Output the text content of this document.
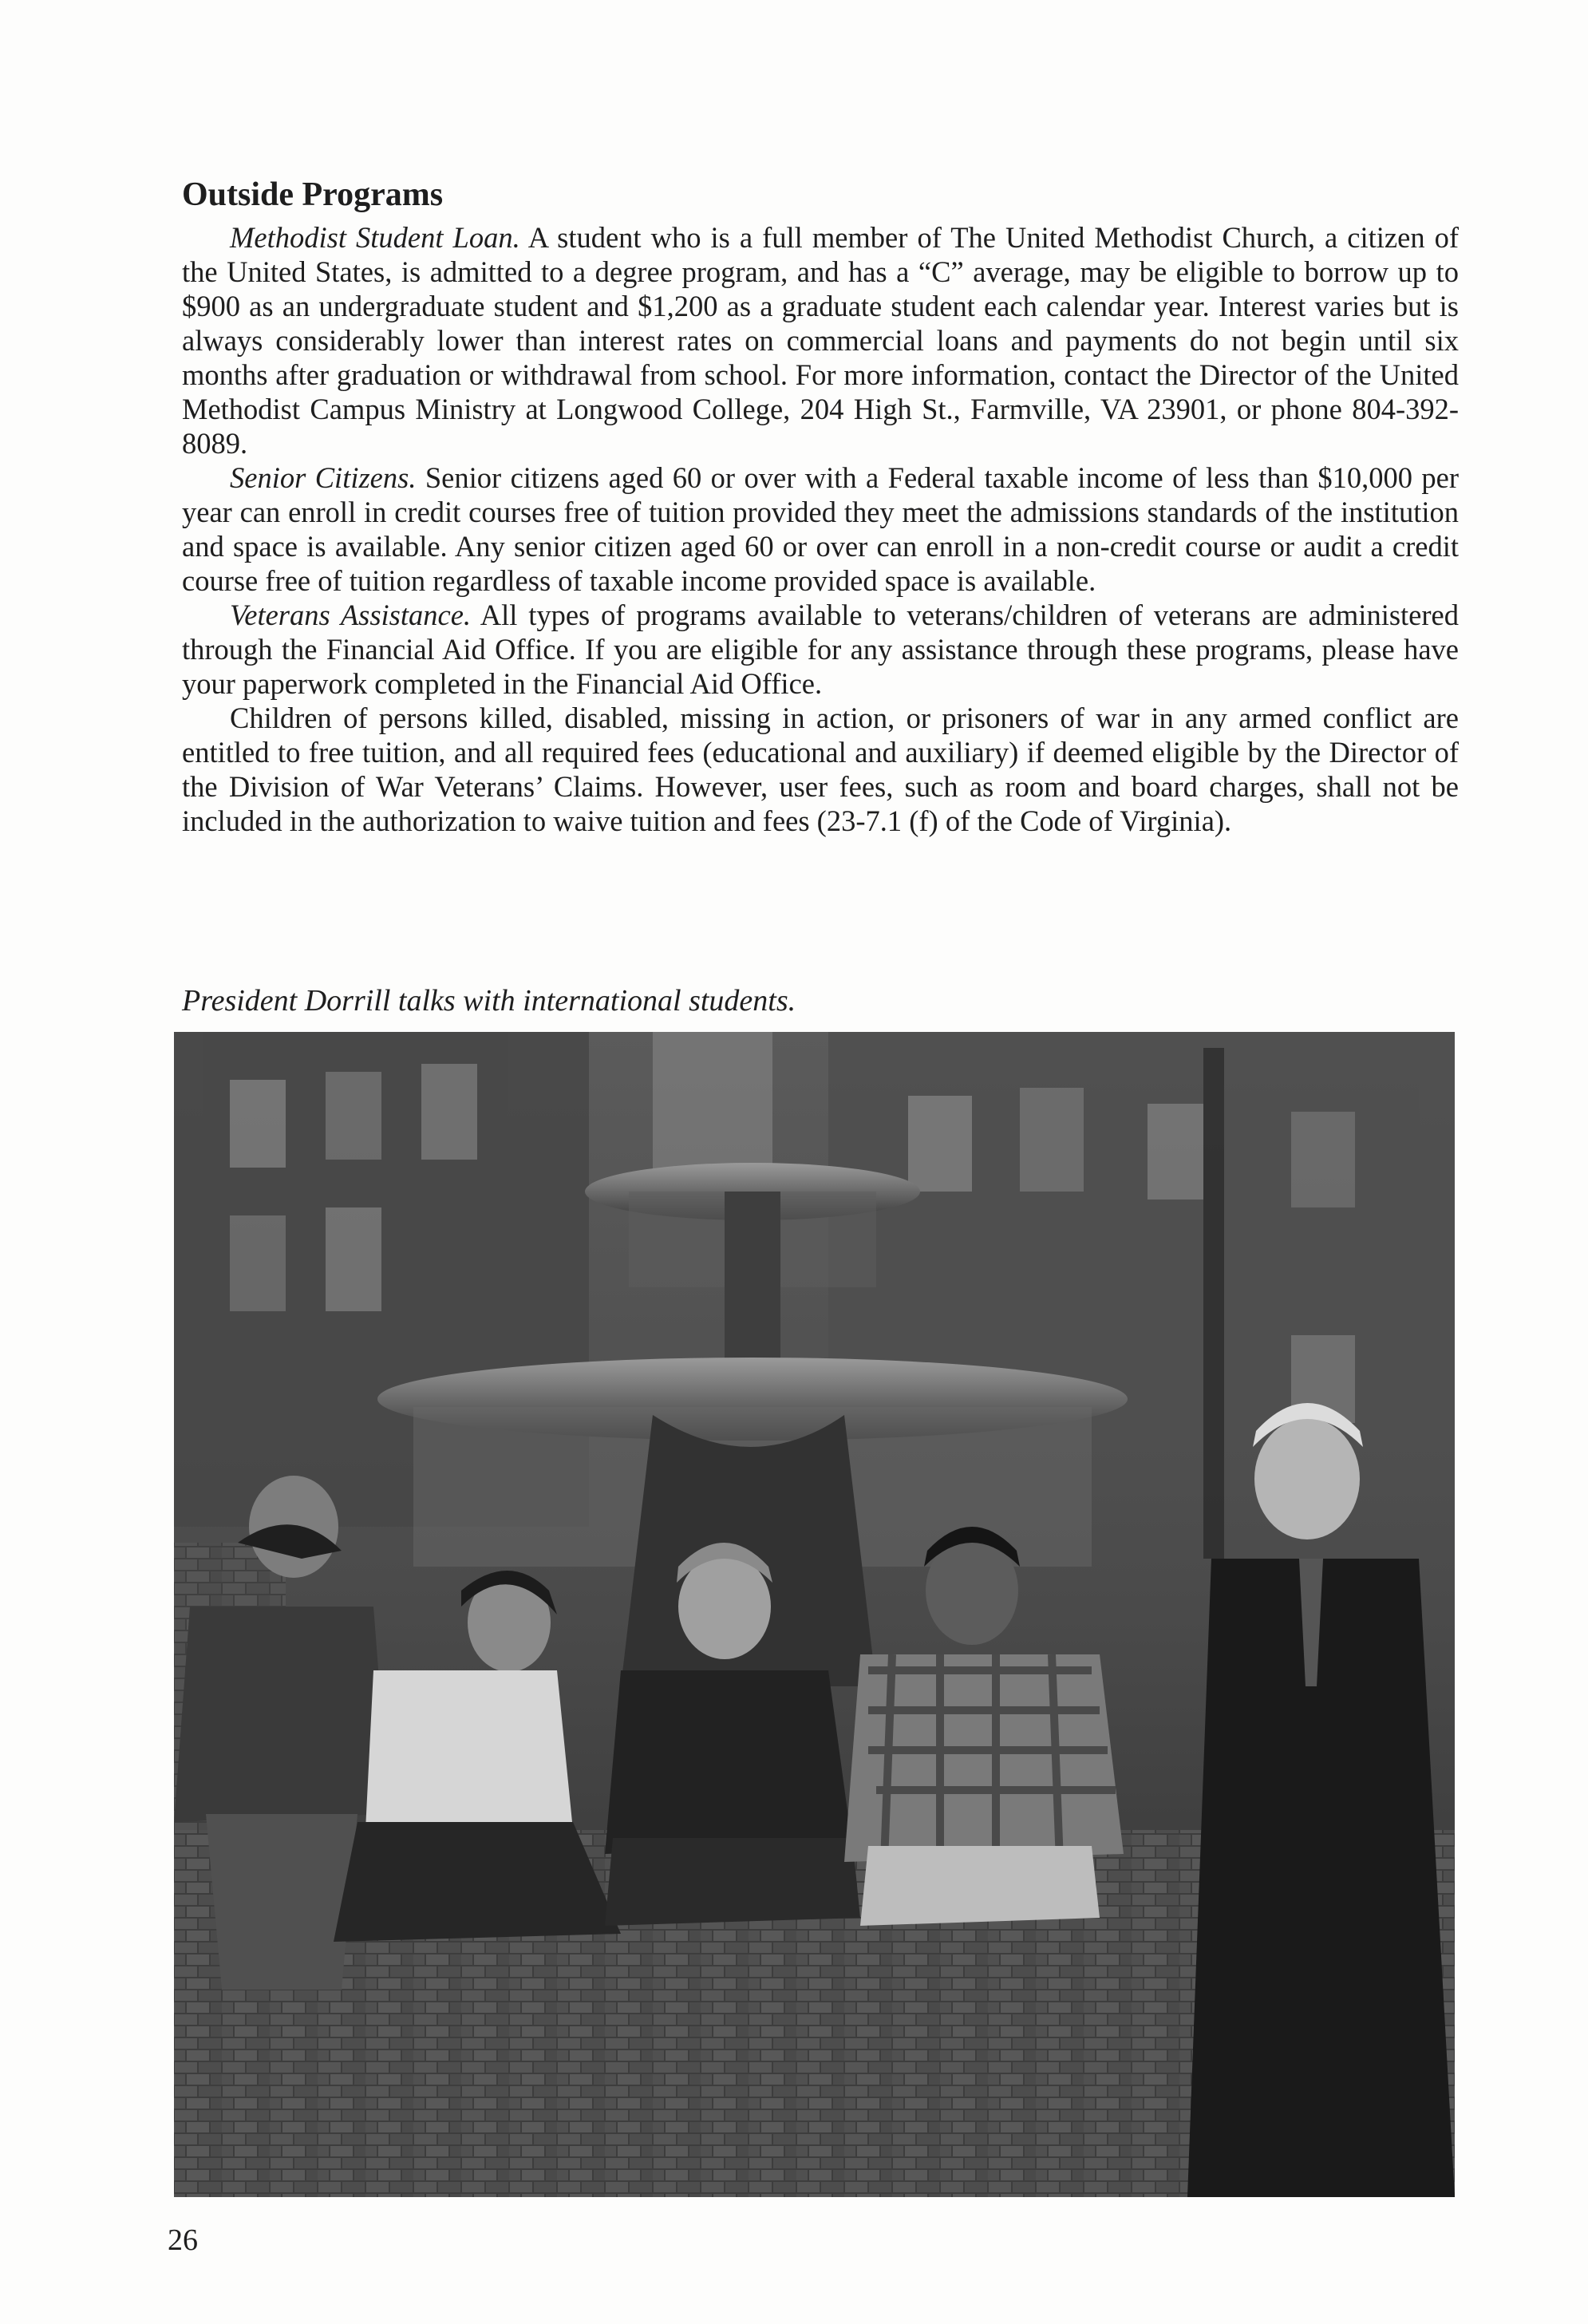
Outside Programs

Methodist Student Loan. A student who is a full member of The United Methodist Church, a citizen of the United States, is admitted to a degree program, and has a “C” average, may be eligible to borrow up to $900 as an undergraduate student and $1,200 as a graduate student each calendar year. Interest varies but is always considerably lower than interest rates on commercial loans and payments do not begin until six months after graduation or withdrawal from school. For more information, contact the Director of the United Methodist Campus Ministry at Longwood College, 204 High St., Farmville, VA 23901, or phone 804-392-8089.

Senior Citizens. Senior citizens aged 60 or over with a Federal taxable income of less than $10,000 per year can enroll in credit courses free of tuition provided they meet the admissions standards of the institution and space is available. Any senior citizen aged 60 or over can enroll in a non-credit course or audit a credit course free of tuition regardless of taxable income provided space is available.

Veterans Assistance. All types of programs available to veterans/children of veterans are administered through the Financial Aid Office. If you are eligible for any assistance through these programs, please have your paperwork completed in the Financial Aid Office.

Children of persons killed, disabled, missing in action, or prisoners of war in any armed conflict are entitled to free tuition, and all required fees (educational and auxiliary) if deemed eligible by the Director of the Division of War Veterans’ Claims. However, user fees, such as room and board charges, shall not be included in the authorization to waive tuition and fees (23-7.1 (f) of the Code of Virginia).

President Dorrill talks with international students.

26
